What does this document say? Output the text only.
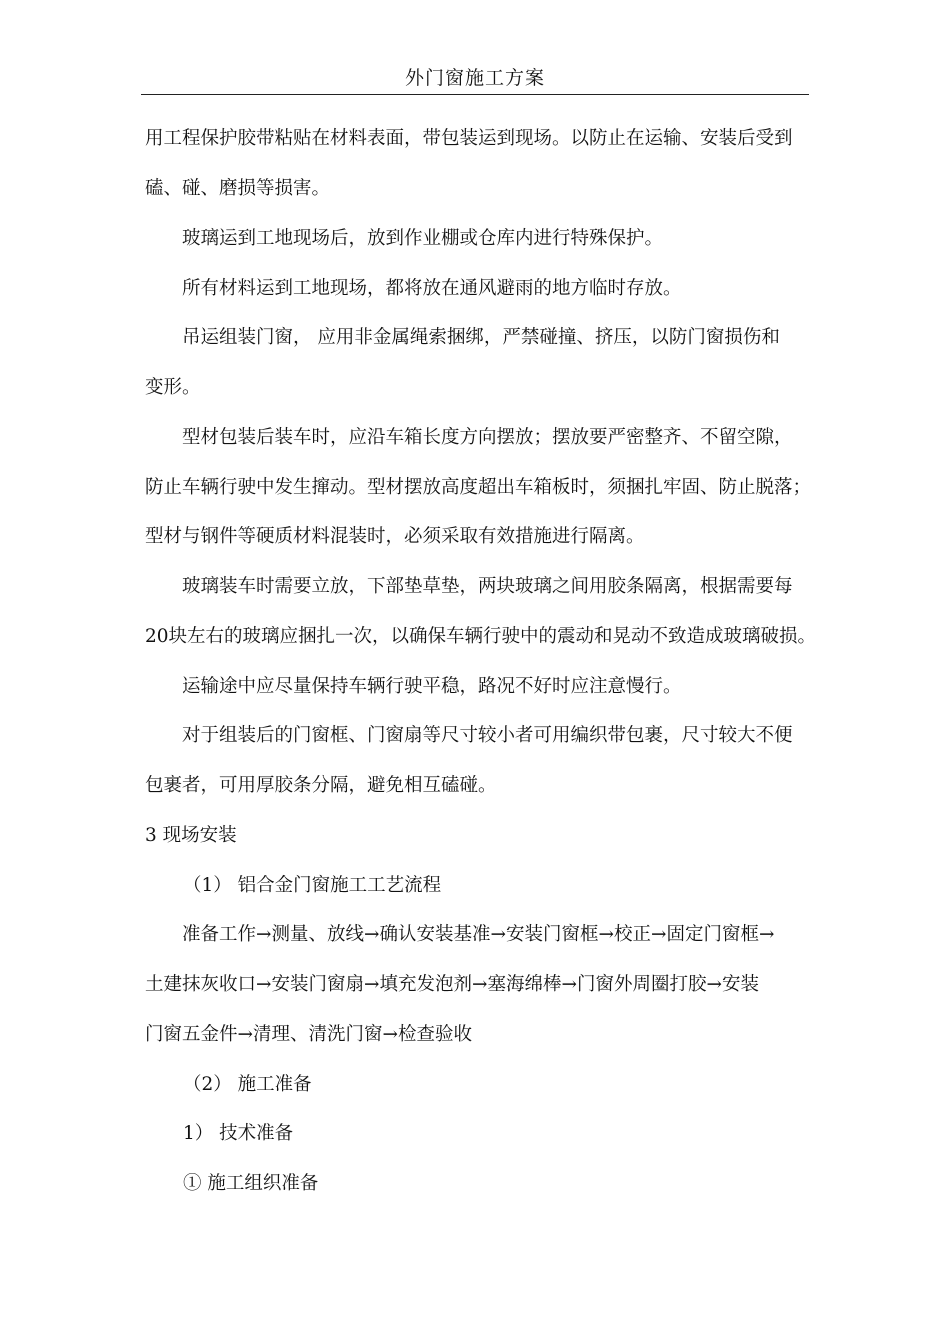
外门窗施工方案
用工程保护胶带粘贴在材料表面，带包装运到现场。以防止在运输、安装后受到
磕、碰、磨损等损害。
玻璃运到工地现场后，放到作业棚或仓库内进行特殊保护。
所有材料运到工地现场，都将放在通风避雨的地方临时存放。
吊运组装门窗， 应用非金属绳索捆绑，严禁碰撞、挤压，以防门窗损伤和
变形。
型材包装后装车时，应沿车箱长度方向摆放；摆放要严密整齐、不留空隙，
防止车辆行驶中发生撺动。型材摆放高度超出车箱板时，须捆扎牢固、防止脱落；
型材与钢件等硬质材料混装时，必须采取有效措施进行隔离。
玻璃装车时需要立放，下部垫草垫，两块玻璃之间用胶条隔离，根据需要每
20块左右的玻璃应捆扎一次，以确保车辆行驶中的震动和晃动不致造成玻璃破损。
运输途中应尽量保持车辆行驶平稳，路况不好时应注意慢行。
对于组装后的门窗框、门窗扇等尺寸较小者可用编织带包裹，尺寸较大不便
包裹者，可用厚胶条分隔，避免相互磕碰。
3 现场安装
（1） 铝合金门窗施工工艺流程
准备工作→测量、放线→确认安装基准→安装门窗框→校正→固定门窗框→
土建抹灰收口→安装门窗扇→填充发泡剂→塞海绵棒→门窗外周圈打胶→安装
门窗五金件→清理、清洗门窗→检查验收
（2） 施工准备
1） 技术准备
① 施工组织准备
